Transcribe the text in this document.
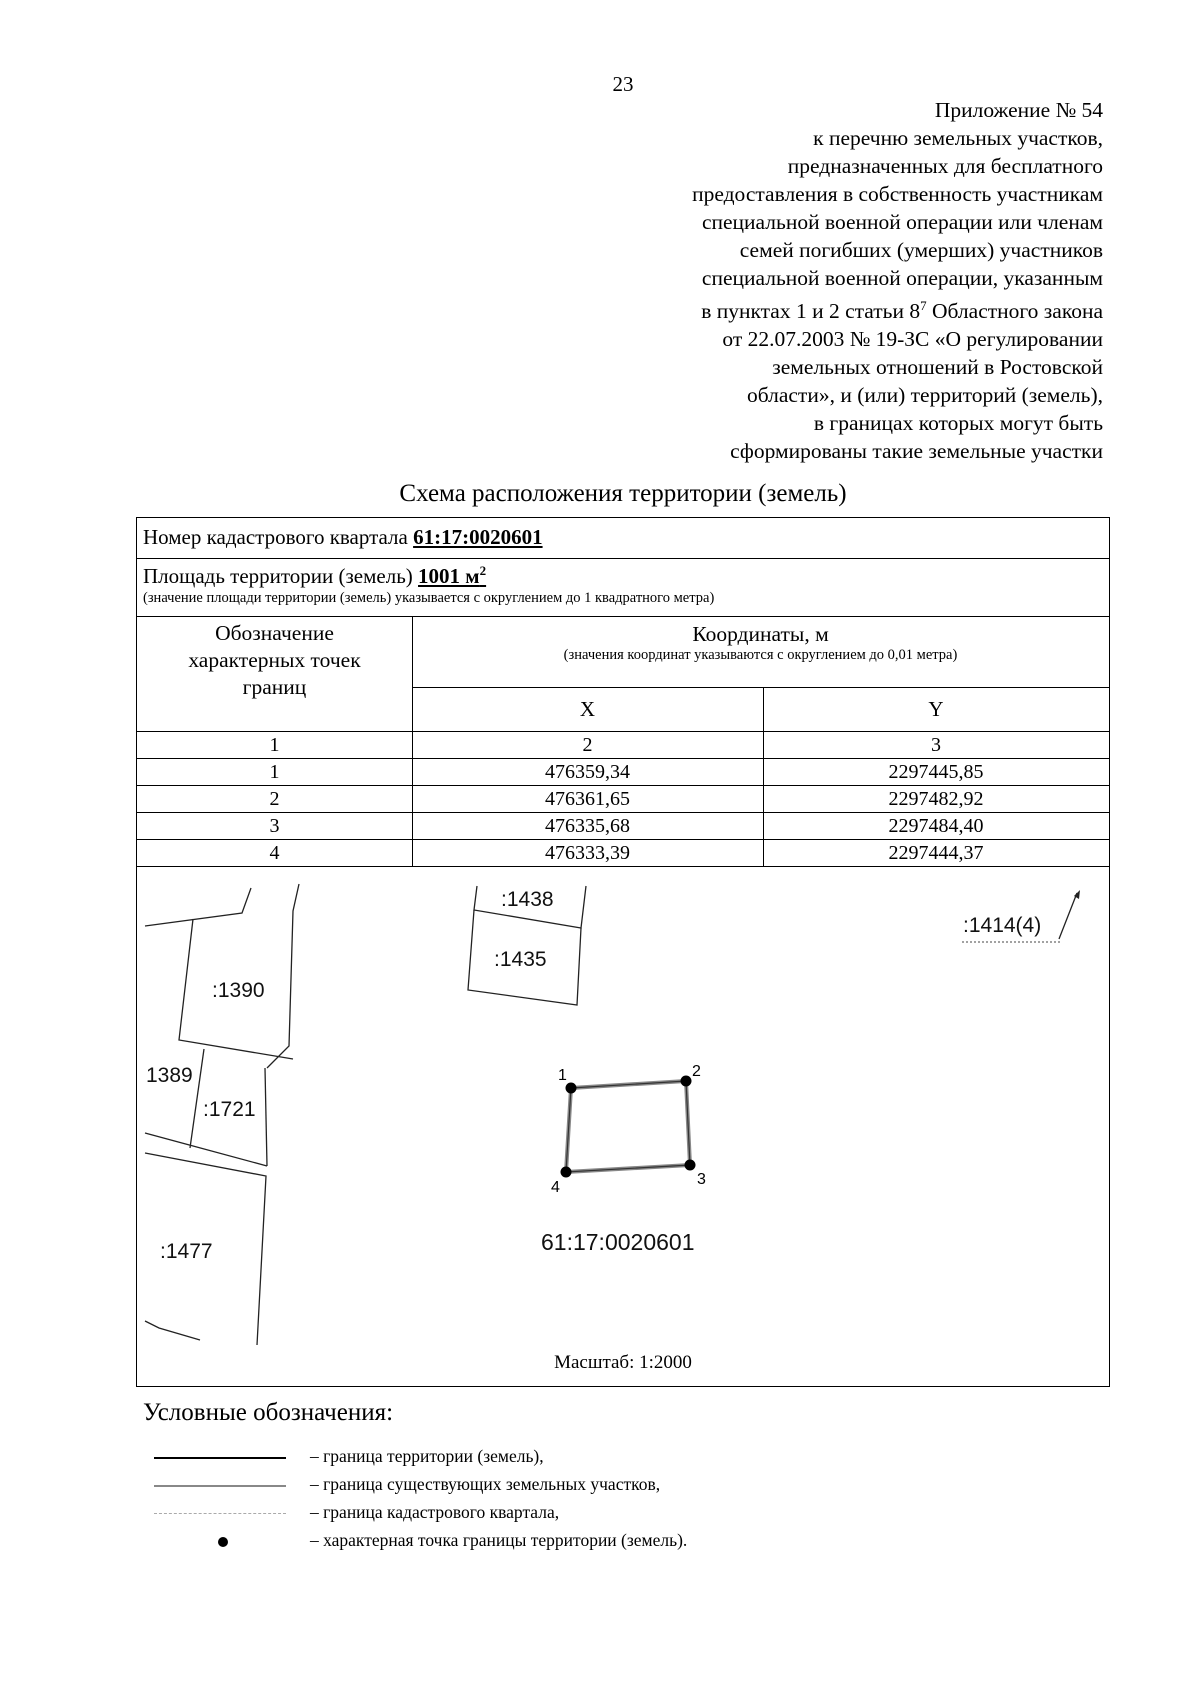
23
Приложение № 54
к перечню земельных участков,
предназначенных для бесплатного
предоставления в собственность участникам
специальной военной операции или членам
семей погибших (умерших) участников
специальной военной операции, указанным
в пунктах 1 и 2 статьи $8^7$ Областного закона
от 22.07.2003 № 19-ЗС «О регулировании
земельных отношений в Ростовской
области», и (или) территорий (земель),
в границах которых могут быть
сформированы такие земельные участки
Схема расположения территории (земель)
Номер кадастрового квартала 61:17:0020601
Площадь территории (земель) 1001 $м^2$
(значение площади территории (земель) указывается с округлением до 1 квадратного метра)
Обозначение
характерных точек
границ
Координаты, м
(значения координат указываются с округлением до 0,01 метра)
X	Y
1	2	3
1	476359,34	2297445,85
2	476361,65	2297482,92
3	476335,68	2297484,40
4	476333,39	2297444,37
:1438
:1435
:1414(4)
:1390
1389
:1721
:1477
1	2
3
4
61:17:0020601
Масштаб: 1:2000
Условные обозначения:
– граница территории (земель),
– граница существующих земельных участков,
– граница кадастрового квартала,
– характерная точка границы территории (земель).
